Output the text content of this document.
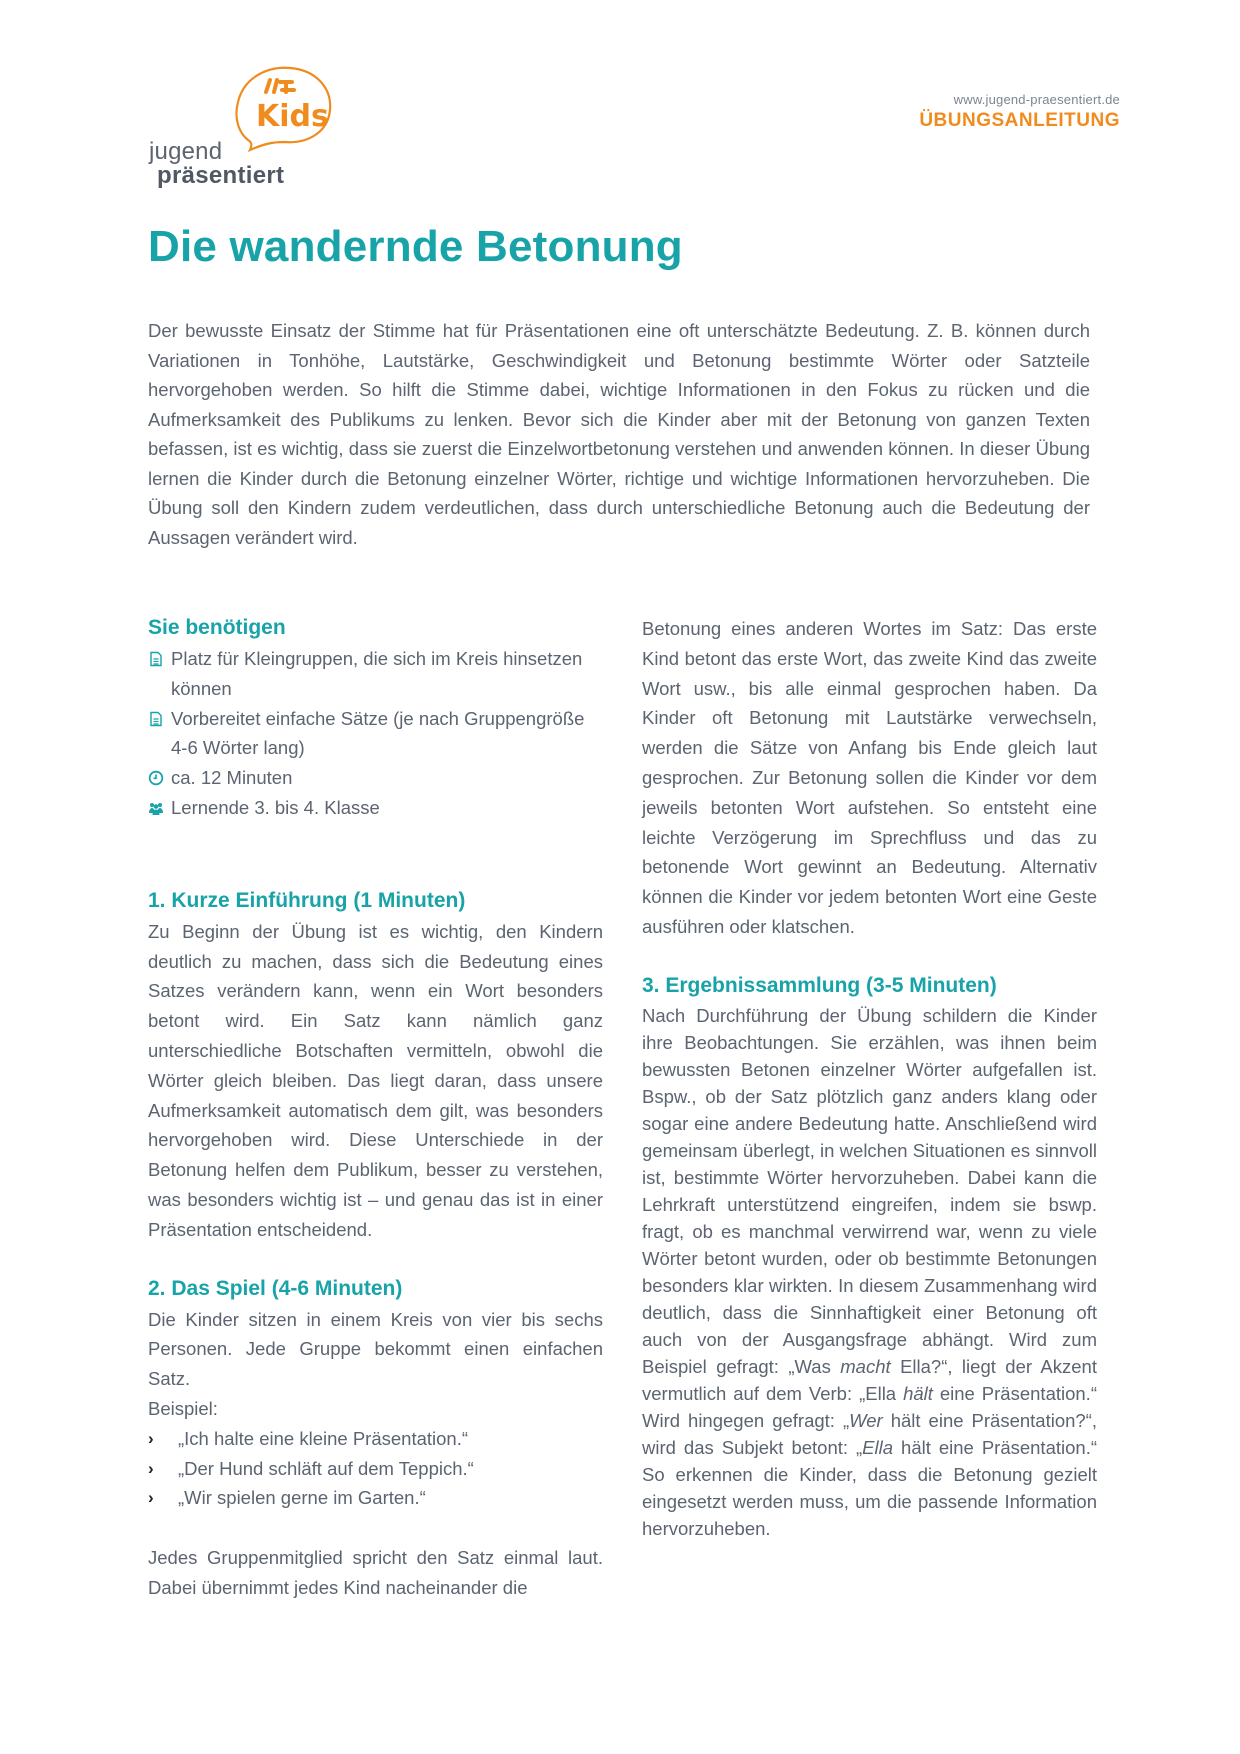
Kids
jugend
präsentiert
www.jugend-praesentiert.de
ÜBUNGSANLEITUNG
Die wandernde Betonung

Der bewusste Einsatz der Stimme hat für Präsentationen eine oft unterschätzte Bedeutung. Z. B. können durch Variationen in Tonhöhe, Lautstärke, Geschwindigkeit und Betonung bestimmte Wörter oder Satzteile hervorgehoben werden. So hilft die Stimme dabei, wichtige Informationen in den Fokus zu rücken und die Aufmerksamkeit des Publikums zu lenken. Bevor sich die Kinder aber mit der Betonung von ganzen Texten befassen, ist es wichtig, dass sie zuerst die Einzelwortbetonung verstehen und anwenden können. In dieser Übung lernen die Kinder durch die Betonung einzelner Wörter, richtige und wichtige Informationen hervorzuheben. Die Übung soll den Kindern zudem verdeutlichen, dass durch unterschiedliche Betonung auch die Bedeutung der Aussagen verändert wird.

Sie benötigen
Platz für Kleingruppen, die sich im Kreis hinsetzen können
Vorbereitet einfache Sätze (je nach Gruppengröße 4-6 Wörter lang)
ca. 12 Minuten
Lernende 3. bis 4. Klasse
1. Kurze Einführung (1 Minuten)

Zu Beginn der Übung ist es wichtig, den Kindern deutlich zu machen, dass sich die Bedeutung eines Satzes verändern kann, wenn ein Wort besonders betont wird. Ein Satz kann nämlich ganz unterschiedliche Botschaften vermitteln, obwohl die Wörter gleich bleiben. Das liegt daran, dass unsere Aufmerksamkeit automatisch dem gilt, was besonders hervorgehoben wird. Diese Unterschiede in der Betonung helfen dem Publikum, besser zu verstehen, was besonders wichtig ist – und genau das ist in einer Präsentation entscheidend.

2. Das Spiel (4-6 Minuten)

Die Kinder sitzen in einem Kreis von vier bis sechs Personen. Jede Gruppe bekommt einen einfachen Satz.

Beispiel:

› „Ich halte eine kleine Präsentation.“
› „Der Hund schläft auf dem Teppich.“
› „Wir spielen gerne im Garten.“

Jedes Gruppenmitglied spricht den Satz einmal laut. Dabei übernimmt jedes Kind nacheinander die

Betonung eines anderen Wortes im Satz: Das erste Kind betont das erste Wort, das zweite Kind das zweite Wort usw., bis alle einmal gesprochen haben. Da Kinder oft Betonung mit Lautstärke verwechseln, werden die Sätze von Anfang bis Ende gleich laut gesprochen. Zur Betonung sollen die Kinder vor dem jeweils betonten Wort aufstehen. So entsteht eine leichte Verzögerung im Sprechfluss und das zu betonende Wort gewinnt an Bedeutung. Alternativ können die Kinder vor jedem betonten Wort eine Geste ausführen oder klatschen.

3. Ergebnissammlung (3-5 Minuten)

Nach Durchführung der Übung schildern die Kinder ihre Beobachtungen. Sie erzählen, was ihnen beim bewussten Betonen einzelner Wörter aufgefallen ist. Bspw., ob der Satz plötzlich ganz anders klang oder sogar eine andere Bedeutung hatte. Anschließend wird gemeinsam überlegt, in welchen Situationen es sinnvoll ist, bestimmte Wörter hervorzuheben. Dabei kann die Lehrkraft unterstützend eingreifen, indem sie bswp. fragt, ob es manchmal verwirrend war, wenn zu viele Wörter betont wurden, oder ob bestimmte Betonungen besonders klar wirkten. In diesem Zusammenhang wird deutlich, dass die Sinnhaftigkeit einer Betonung oft auch von der Ausgangsfrage abhängt. Wird zum Beispiel gefragt: „Was macht Ella?“, liegt der Akzent vermutlich auf dem Verb: „Ella hält eine Präsentation.“ Wird hingegen gefragt: „Wer hält eine Präsentation?“, wird das Subjekt betont: „Ella hält eine Präsentation.“ So erkennen die Kinder, dass die Betonung gezielt eingesetzt werden muss, um die passende Information hervorzuheben.
